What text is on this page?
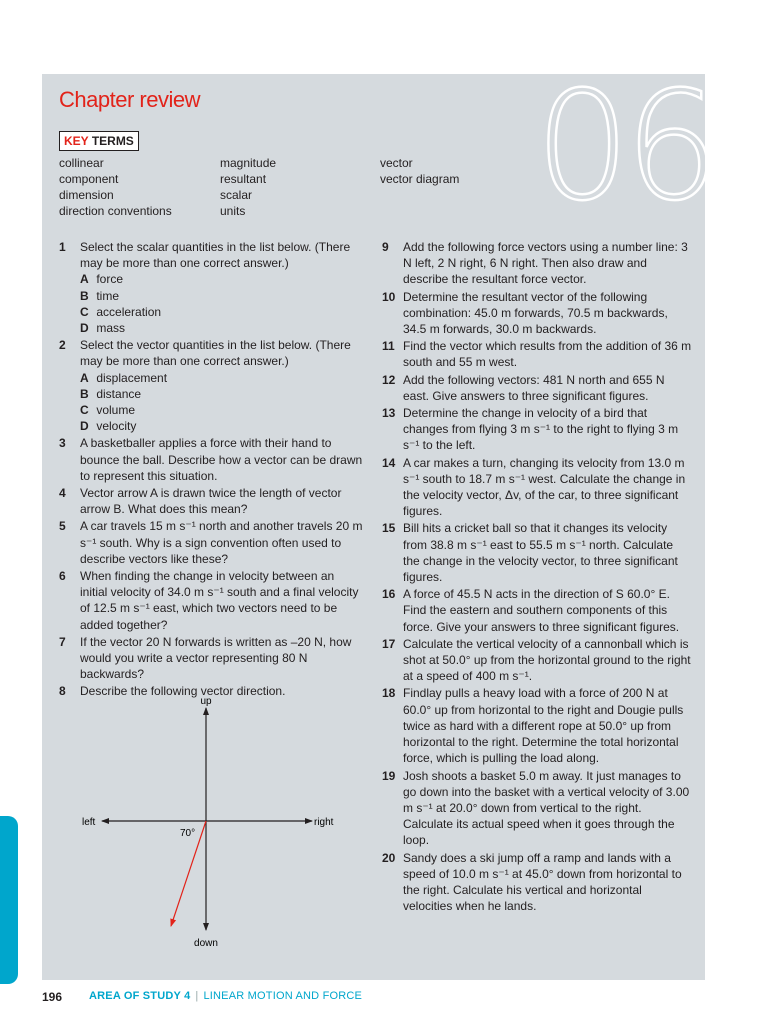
06
Chapter review
KEY TERMS
collinear
component
dimension
direction conventions
magnitude
resultant
scalar
units
vector
vector diagram
1	Select the scalar quantities in the list below. (There may be more than one correct answer.)
A force
B time
C acceleration
D mass
2	Select the vector quantities in the list below. (There may be more than one correct answer.)
A displacement
B distance
C volume
D velocity
3	A basketballer applies a force with their hand to bounce the ball. Describe how a vector can be drawn to represent this situation.
4	Vector arrow A is drawn twice the length of vector arrow B. What does this mean?
5	A car travels 15 m s⁻¹ north and another travels 20 m s⁻¹ south. Why is a sign convention often used to describe vectors like these?
6	When finding the change in velocity between an initial velocity of 34.0 m s⁻¹ south and a final velocity of 12.5 m s⁻¹ east, which two vectors need to be added together?
7	If the vector 20 N forwards is written as –20 N, how would you write a vector representing 80 N backwards?
8	Describe the following vector direction.
up
down
left	right
70°
9	Add the following force vectors using a number line: 3 N left, 2 N right, 6 N right. Then also draw and describe the resultant force vector.
10 Determine the resultant vector of the following combination: 45.0 m forwards, 70.5 m backwards, 34.5 m forwards, 30.0 m backwards.
11 Find the vector which results from the addition of 36 m south and 55 m west.
12 Add the following vectors: 481 N north and 655 N east. Give answers to three significant figures.
13 Determine the change in velocity of a bird that changes from flying 3 m s⁻¹ to the right to flying 3 m s⁻¹ to the left.
14 A car makes a turn, changing its velocity from 13.0 m s⁻¹ south to 18.7 m s⁻¹ west. Calculate the change in the velocity vector, Δv, of the car, to three significant figures.
15 Bill hits a cricket ball so that it changes its velocity from 38.8 m s⁻¹ east to 55.5 m s⁻¹ north. Calculate the change in the velocity vector, to three significant figures.
16 A force of 45.5 N acts in the direction of S 60.0° E. Find the eastern and southern components of this force. Give your answers to three significant figures.
17 Calculate the vertical velocity of a cannonball which is shot at 50.0° up from the horizontal ground to the right at a speed of 400 m s⁻¹.
18 Findlay pulls a heavy load with a force of 200 N at 60.0° up from horizontal to the right and Dougie pulls twice as hard with a different rope at 50.0° up from horizontal to the right. Determine the total horizontal force, which is pulling the load along.
19 Josh shoots a basket 5.0 m away. It just manages to go down into the basket with a vertical velocity of 3.00 m s⁻¹ at 20.0° down from vertical to the right. Calculate its actual speed when it goes through the loop.
20 Sandy does a ski jump off a ramp and lands with a speed of 10.0 m s⁻¹ at 45.0° down from horizontal to the right. Calculate his vertical and horizontal velocities when he lands.
196 AREA OF STUDY 4 | LINEAR MOTION AND FORCE
